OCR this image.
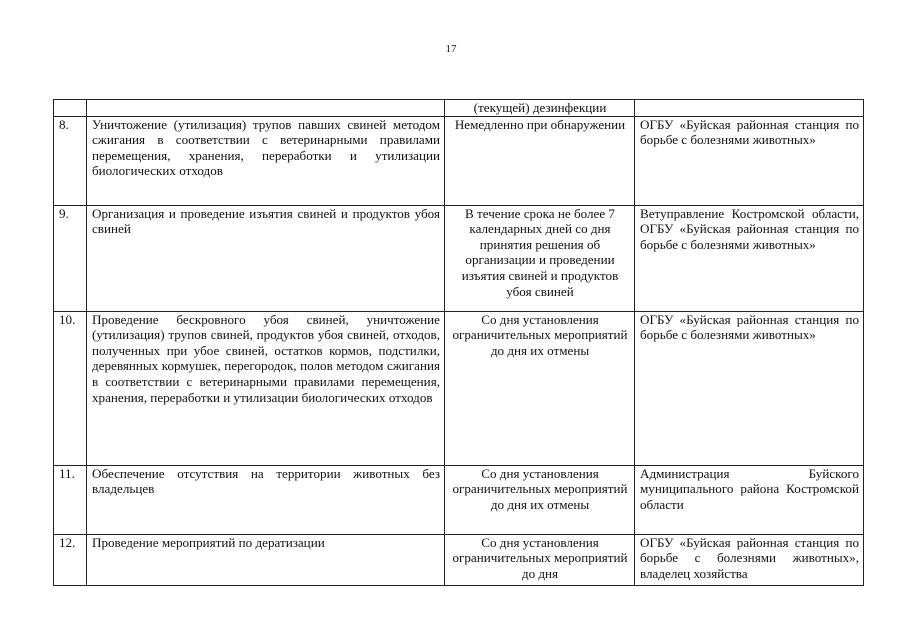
17
		(текущей) дезинфекции	
8.	Уничтожение (утилизация) трупов павших свиней методом сжигания в соответствии с ветеринарными правилами перемещения, хранения, переработки и утилизации биологических отходов	Немедленно при обнаружении	ОГБУ «Буйская районная станция по борьбе с болезнями животных»
9.	Организация и проведение изъятия свиней и продуктов убоя свиней	В течение срока не более 7 календарных дней со дня принятия решения об организации и проведении изъятия свиней и продуктов убоя свиней	Ветуправление Костромской области, ОГБУ «Буйская районная станция по борьбе с болезнями животных»
10.	Проведение бескровного убоя свиней, уничтожение (утилизация) трупов свиней, продуктов убоя свиней, отходов, полученных при убое свиней, остатков кормов, подстилки, деревянных кормушек, перегородок, полов методом сжигания в соответствии с ветеринарными правилами перемещения, хранения, переработки и утилизации биологических отходов	Со дня установления ограничительных мероприятий до дня их отмены	ОГБУ «Буйская районная станция по борьбе с болезнями животных»
11.	Обеспечение отсутствия на территории животных без владельцев	Со дня установления ограничительных мероприятий до дня их отмены	Администрация Буйского муниципального района Костромской области
12.	Проведение мероприятий по дератизации	Со дня установления ограничительных мероприятий до дня	ОГБУ «Буйская районная станция по борьбе с болезнями животных», владелец хозяйства
